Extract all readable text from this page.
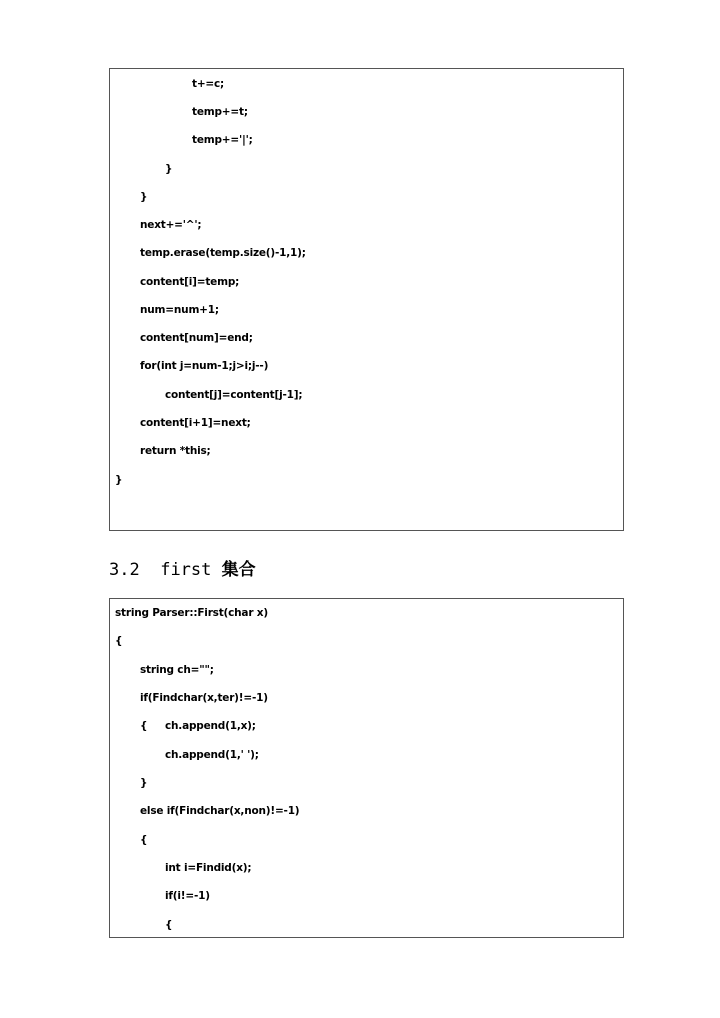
t+=c;
temp+=t;
temp+='|';
}
}
next+='^';
temp.erase(temp.size()-1,1);
content[i]=temp;
num=num+1;
content[num]=end;
for(int j=num-1;j>i;j--)
content[j]=content[j-1];
content[i+1]=next;
return *this;
}
3.2 first 集合
string Parser::First(char x)
{
string ch="";
if(Findchar(x,ter)!=-1)
{ ch.append(1,x);
ch.append(1,' ');
}
else if(Findchar(x,non)!=-1)
{
int i=Findid(x);
if(i!=-1)
{
